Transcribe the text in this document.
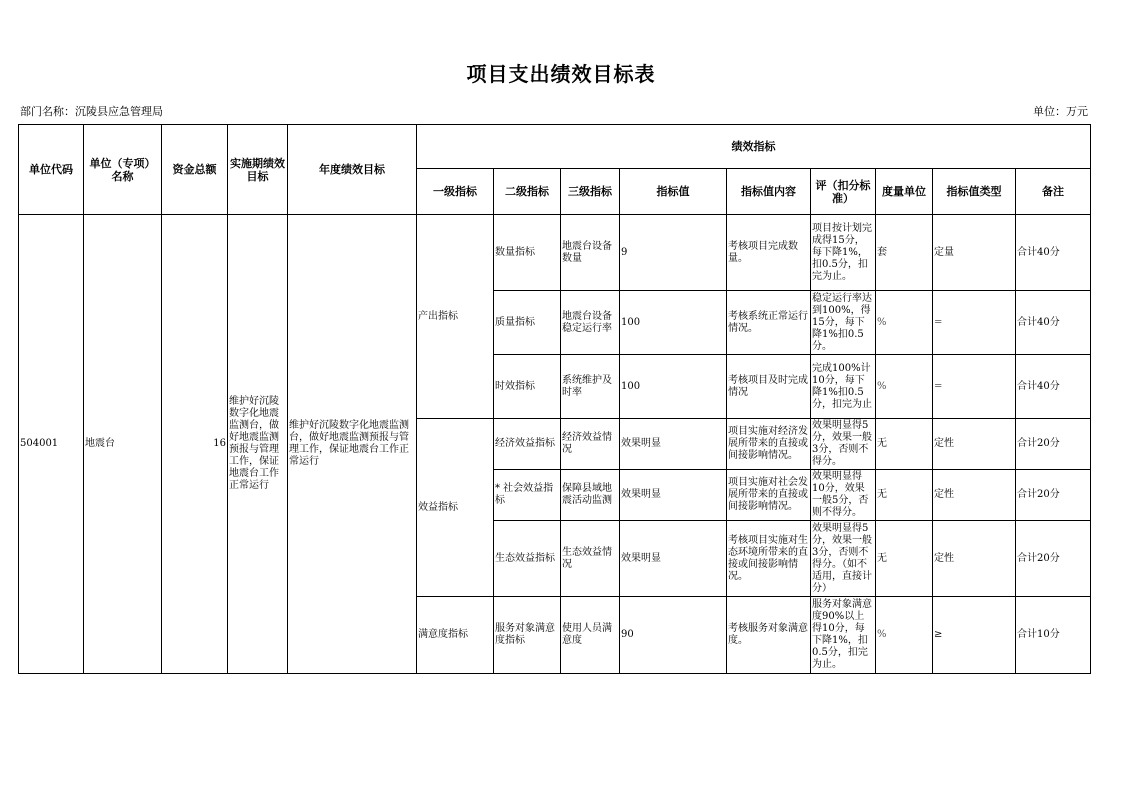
项目支出绩效目标表
部门名称：沉陵县应急管理局	单位：万元
单位代码	单位（专项）名称	资金总额	实施期绩效目标	年度绩效目标	绩效指标								
					一级指标	二级指标	三级指标	指标值	指标值内容	评（扣分标准）	度量单位	指标值类型	备注
504001	地震台	16	维护好沉陵数字化地震监测台，做好地震监测预报与管理工作，保证地震台工作正常运行	维护好沉陵数字化地震监测台，做好地震监测预报与管理工作，保证地震台工作正常运行	产出指标	数量指标	地震台设备数量	9	考核项目完成数量。	项目按计划完成得15分，每下降1%，扣0.5分，扣完为止。	套	定量	合计40分
						质量指标	地震台设备稳定运行率	100	考核系统正常运行情况。	稳定运行率达到100%，得15分，每下降1%扣0.5分。	%	=	合计40分
						时效指标	系统维护及时率	100	考核项目及时完成情况	完成100%计10分，每下降1%扣0.5分，扣完为止	%	=	合计40分
					效益指标	经济效益指标	经济效益情况	效果明显	项目实施对经济发展所带来的直接或间接影响情况。	效果明显得5分，效果一般3分，否则不得分。	无	定性	合计20分
						* 社会效益指标	保障县域地震活动监测	效果明显	项目实施对社会发展所带来的直接或间接影响情况。	效果明显得10分，效果一般5分，否则不得分。	无	定性	合计20分
						生态效益指标	生态效益情况	效果明显	考核项目实施对生态环境所带来的直接或间接影响情况。	效果明显得5分，效果一般3分，否则不得分。（如不适用，直接计分）	无	定性	合计20分
					满意度指标	服务对象满意度指标	使用人员满意度	90	考核服务对象满意度。	服务对象满意度90%以上得10分，每下降1%，扣0.5分，扣完为止。	%	≥	合计10分
